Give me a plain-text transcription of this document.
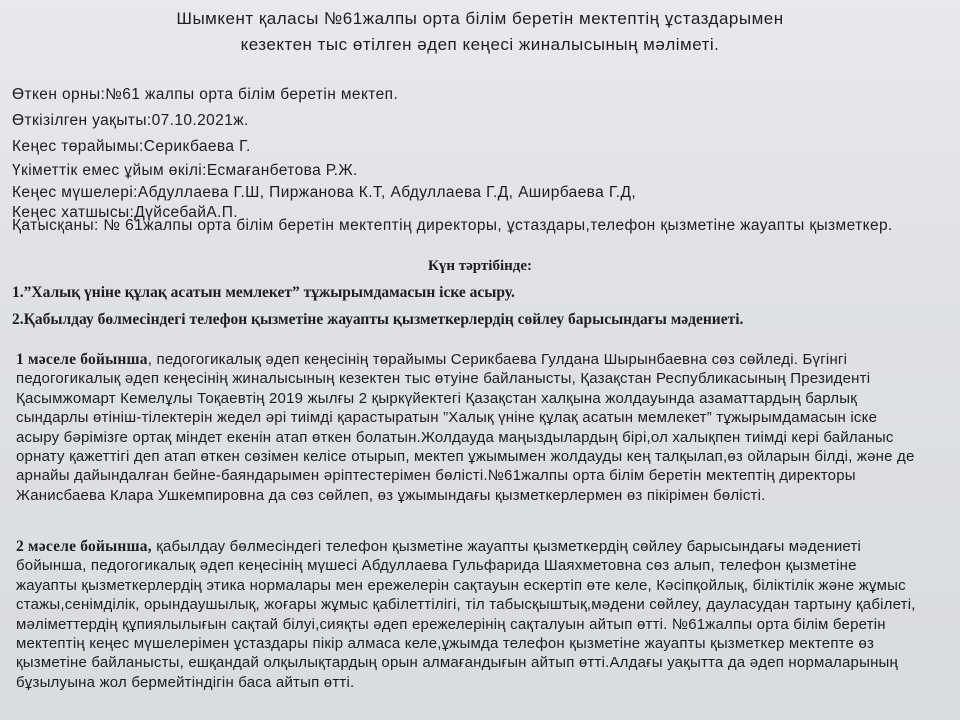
Шымкент қаласы №61жалпы орта білім беретін мектептің ұстаздарымен

кезектен тыс өтілген әдеп кеңесі жиналысының мәліметі.

Өткен орны:№61 жалпы орта білім беретін мектеп.
Өткізілген уақыты:07.10.2021ж.
Кеңес төрайымы:Серикбаева Г.
Үкіметтік емес ұйым өкілі:Есмағанбетова Р.Ж.
Кеңес мүшелері:Абдуллаева Г.Ш, Пиржанова К.Т, Абдуллаева Г.Д, Аширбаева Г.Д,
Кеңес хатшысы:ДүйсебайА.П.
Қатысқаны: № 61жалпы орта білім беретін мектептің директоры, ұстаздары,телефон қызметіне жауапты қызметкер.
Күн тәртібінде:
1.”Халық үніне құлақ асатын мемлекет” тұжырымдамасын іске асыру.
2.Қабылдау бөлмесіндегі телефон қызметіне жауапты қызметкерлердің сөйлеу барысындағы мәдениеті.

1 мәселе бойынша, педогогикалық әдеп кеңесінің төрайымы Серикбаева Гулдана Шырынбаевна сөз сөйледі. Бүгінгі педогогикалық әдеп кеңесінің жиналысының кезектен тыс өтуіне байланысты, Қазақстан Республикасының Президенті Қасымжомарт Кемелұлы Тоқаевтің 2019 жылғы 2 қыркүйектегі Қазақстан халқына жолдауында азаматтардың барлық сындарлы өтініш-тілектерін жедел әрі тиімді қарастыратын ”Халық үніне құлақ асатын мемлекет” тұжырымдамасын іске асыру бәрімізге ортақ міндет екенін атап өткен болатын.Жолдауда маңыздылардың бірі,ол халықпен тиімді кері байланыс орнату қажеттігі деп атап өткен сөзімен келісе отырып, мектеп ұжымымен жолдауды кең талқылап,өз ойларын білді, және де арнайы дайындалған бейне-баяндарымен әріптестерімен бөлісті.№61жалпы орта білім беретін мектептің директоры Жанисбаева Клара Ушкемпировна да сөз сөйлеп, өз ұжымындағы қызметкерлермен өз пікірімен бөлісті.

2 мәселе бойынша, қабылдау бөлмесіндегі телефон қызметіне жауапты қызметкердің сөйлеу барысындағы мәдениеті бойынша, педогогикалық әдеп кеңесінің мүшесі Абдуллаева Гульфарида Шаяхметовна сөз алып, телефон қызметіне жауапты қызметкерлердің этика нормалары мен ережелерін сақтауын ескертіп өте келе, Кәсіпқойлық, біліктілік және жұмыс стажы,сенімділік, орындаушылық, жоғары жұмыс қабілеттілігі, тіл табысқыштық,мәдени сөйлеу, дауласудан тартыну қабілеті, мәліметтердің құпиялылығын сақтай білуі,сияқты әдеп ережелерінің сақталуын айтып өтті. №61жалпы орта білім беретін мектептің кеңес мүшелерімен ұстаздары пікір алмаса келе,ұжымда телефон қызметіне жауапты қызметкер мектепте өз қызметіне байланысты, ешқандай олқылықтардың орын алмағандығын айтып өтті.Алдағы уақытта да әдеп нормаларының бұзылуына жол бермейтіндігін баса айтып өтті.
